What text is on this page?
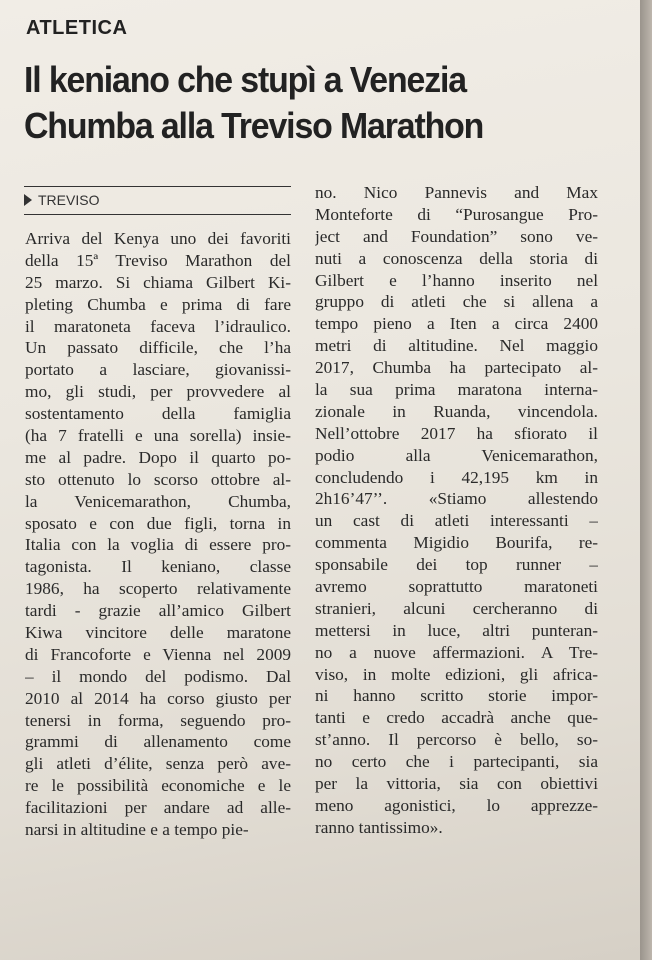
ATLETICA
Il keniano che stupì a Venezia
Chumba alla Treviso Marathon
TREVISO
Arriva del Kenya uno dei favoriti
della 15ª Treviso Marathon del
25 marzo. Si chiama Gilbert Ki-
pleting Chumba e prima di fare
il maratoneta faceva l’idraulico.
Un passato difficile, che l’ha
portato a lasciare, giovanissi-
mo, gli studi, per provvedere al
sostentamento della famiglia
(ha 7 fratelli e una sorella) insie-
me al padre. Dopo il quarto po-
sto ottenuto lo scorso ottobre al-
la Venicemarathon, Chumba,
sposato e con due figli, torna in
Italia con la voglia di essere pro-
tagonista. Il keniano, classe
1986, ha scoperto relativamente
tardi - grazie all’amico Gilbert
Kiwa vincitore delle maratone
di Francoforte e Vienna nel 2009
– il mondo del podismo. Dal
2010 al 2014 ha corso giusto per
tenersi in forma, seguendo pro-
grammi di allenamento come
gli atleti d’élite, senza però ave-
re le possibilità economiche e le
facilitazioni per andare ad alle-
narsi in altitudine e a tempo pie-
no. Nico Pannevis and Max
Monteforte di “Purosangue Pro-
ject and Foundation” sono ve-
nuti a conoscenza della storia di
Gilbert e l’hanno inserito nel
gruppo di atleti che si allena a
tempo pieno a Iten a circa 2400
metri di altitudine. Nel maggio
2017, Chumba ha partecipato al-
la sua prima maratona interna-
zionale in Ruanda, vincendola.
Nell’ottobre 2017 ha sfiorato il
podio alla Venicemarathon,
concludendo i 42,195 km in
2h16’47’’. «Stiamo allestendo
un cast di atleti interessanti –
commenta Migidio Bourifa, re-
sponsabile dei top runner –
avremo soprattutto maratoneti
stranieri, alcuni cercheranno di
mettersi in luce, altri punteran-
no a nuove affermazioni. A Tre-
viso, in molte edizioni, gli africa-
ni hanno scritto storie impor-
tanti e credo accadrà anche que-
st’anno. Il percorso è bello, so-
no certo che i partecipanti, sia
per la vittoria, sia con obiettivi
meno agonistici, lo apprezze-
ranno tantissimo».
